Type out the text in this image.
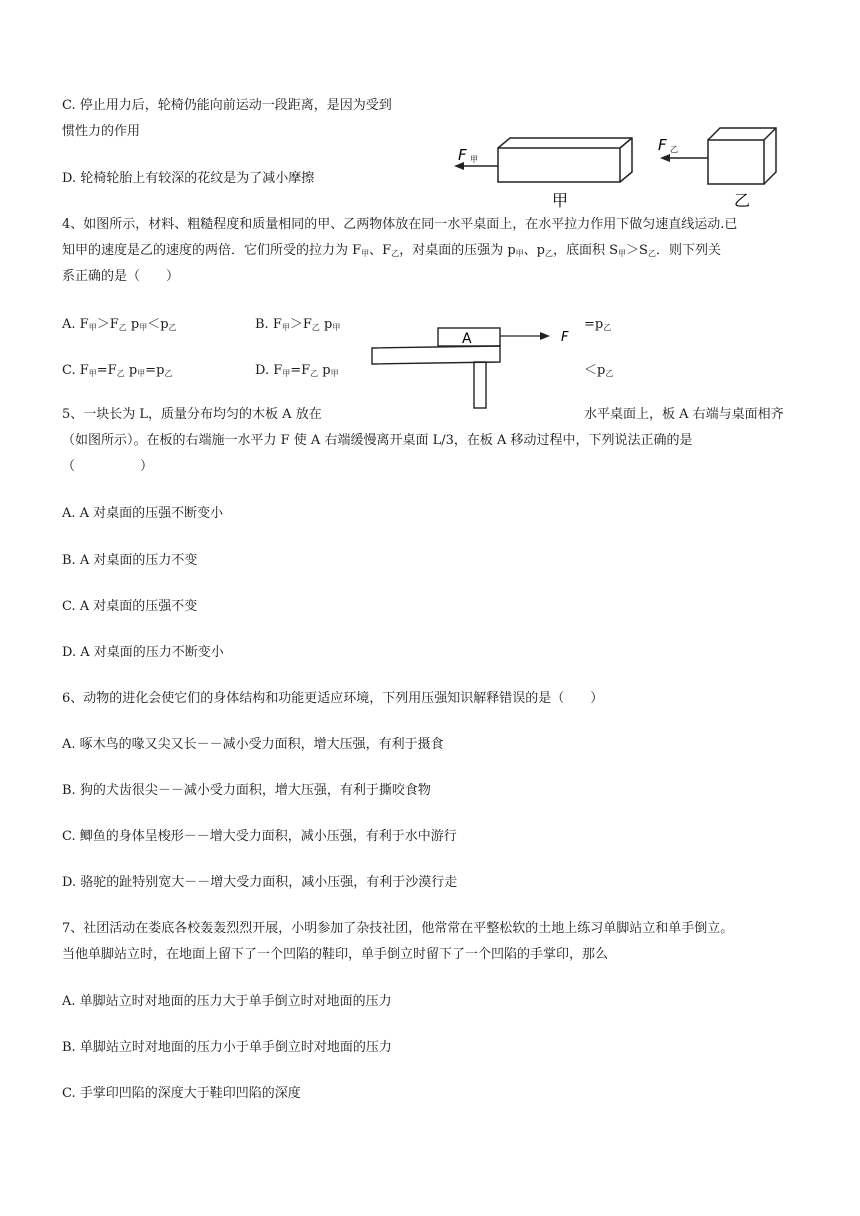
C. 停止用力后，轮椅仍能向前运动一段距离，是因为受到
惯性力的作用
D. 轮椅轮胎上有较深的花纹是为了减小摩擦
F 甲
甲
F 乙
乙
4、如图所示，材料、粗糙程度和质量相同的甲、乙两物体放在同一水平桌面上，在水平拉力作用下做匀速直线运动.已
知甲的速度是乙的速度的两倍．它们所受的拉力为 $F_甲$、$F_乙$，对桌面的压强为 $p_甲$、$p_乙$，底面积 $S_甲>S_乙$．则下列关
系正确的是（　　）
A. $F_甲>F_乙$ $p_甲<p_乙$	B. $F_甲>F_乙$ $p_甲$	$=p_乙$
C. $F_甲=F_乙$ $p_甲=p_乙$	D. $F_甲=F_乙$ $p_甲$	$<p_乙$
A	F
5、一块长为 L，质量分布均匀的木板 A 放在	水平桌面上，板 A 右端与桌面相齐
（如图所示）。在板的右端施一水平力 F 使 A 右端缓慢离开桌面 L/3，在板 A 移动过程中，下列说法正确的是
（　　　　　）
A. A 对桌面的压强不断变小
B. A 对桌面的压力不变
C. A 对桌面的压强不变
D. A 对桌面的压力不断变小
6、动物的进化会使它们的身体结构和功能更适应环境，下列用压强知识解释错误的是（　　）
A. 啄木鸟的喙又尖又长－－减小受力面积，增大压强，有利于摄食
B. 狗的犬齿很尖－－减小受力面积，增大压强，有利于撕咬食物
C. 鲫鱼的身体呈梭形－－增大受力面积，减小压强，有利于水中游行
D. 骆驼的趾特别宽大－－增大受力面积，减小压强，有利于沙漠行走
7、社团活动在娄底各校轰轰烈烈开展，小明参加了杂技社团，他常常在平整松软的土地上练习单脚站立和单手倒立。
当他单脚站立时，在地面上留下了一个凹陷的鞋印，单手倒立时留下了一个凹陷的手掌印，那么
A. 单脚站立时对地面的压力大于单手倒立时对地面的压力
B. 单脚站立时对地面的压力小于单手倒立时对地面的压力
C. 手掌印凹陷的深度大于鞋印凹陷的深度
